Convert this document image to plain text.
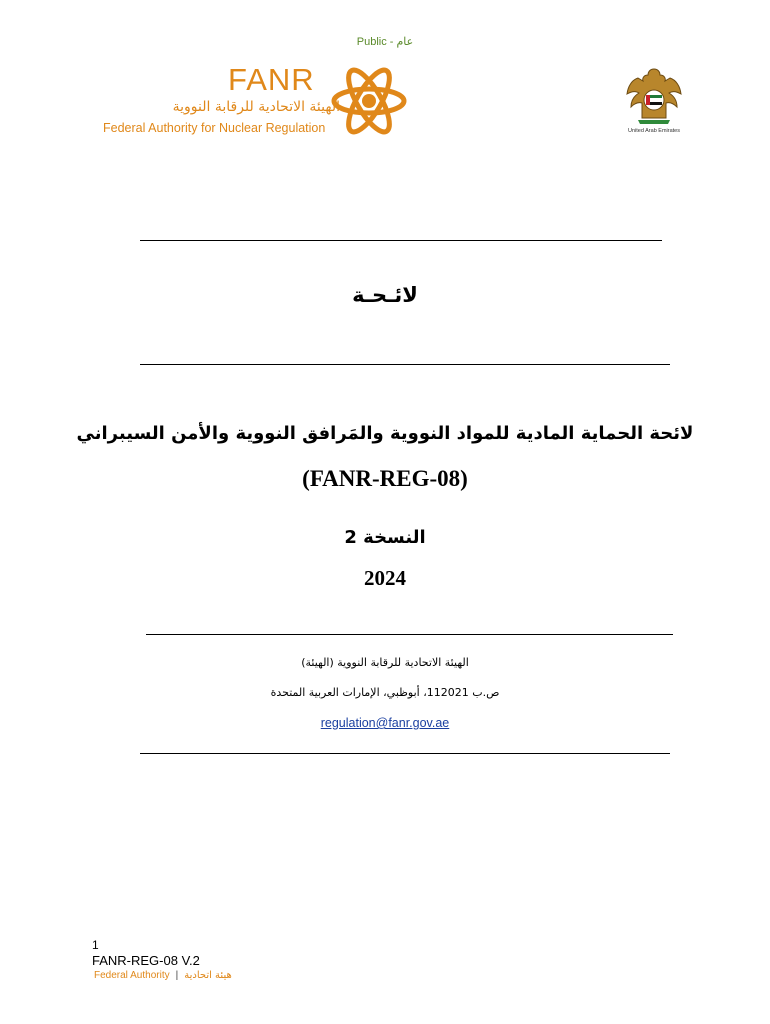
Public - عام
FANR
الهيئة الاتحادية للرقابة النووية
Federal Authority for Nuclear Regulation	United Arab Emirates
لائـحـة
لائحة الحماية المادية للمواد النووية والمَرافق النووية والأمن السيبراني
(FANR-REG-08)
النسخة 2
2024
الهيئة الاتحادية للرقابة النووية (الهيئة)
ص.ب 112021، أبوظبي، الإمارات العربية المتحدة
regulation@fanr.gov.ae
1
FANR-REG-08 V.2
Federal Authority | هيئة اتحادية
